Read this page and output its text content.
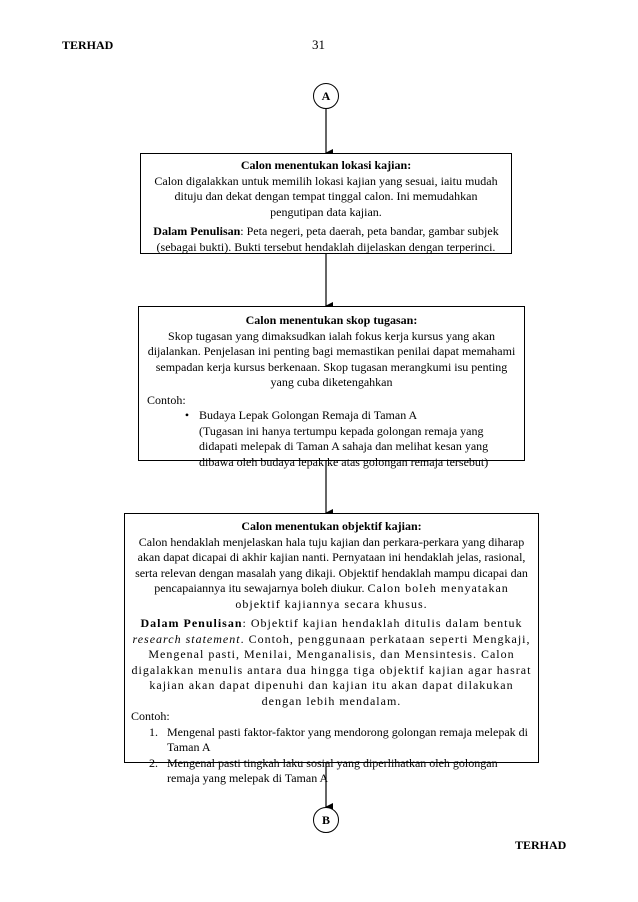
TERHAD	31
A
Calon menentukan lokasi kajian:
Calon digalakkan untuk memilih lokasi kajian yang sesuai, iaitu mudah dituju dan dekat dengan tempat tinggal calon. Ini memudahkan pengutipan data kajian.
Dalam Penulisan: Peta negeri, peta daerah, peta bandar, gambar subjek (sebagai bukti). Bukti tersebut hendaklah dijelaskan dengan terperinci.
Calon menentukan skop tugasan:
Skop tugasan yang dimaksudkan ialah fokus kerja kursus yang akan dijalankan. Penjelasan ini penting bagi memastikan penilai dapat memahami sempadan kerja kursus berkenaan. Skop tugasan merangkumi isu penting yang cuba diketengahkan
Contoh:
• Budaya Lepak Golongan Remaja di Taman A
(Tugasan ini hanya tertumpu kepada golongan remaja yang didapati melepak di Taman A sahaja dan melihat kesan yang dibawa oleh budaya lepak ke atas golongan remaja tersebut)
Calon menentukan objektif kajian:
Calon hendaklah menjelaskan hala tuju kajian dan perkara-perkara yang diharap akan dapat dicapai di akhir kajian nanti. Pernyataan ini hendaklah jelas, rasional, serta relevan dengan masalah yang dikaji. Objektif hendaklah mampu dicapai dan pencapaiannya itu sewajarnya boleh diukur. Calon boleh menyatakan objektif kajiannya secara khusus.
Dalam Penulisan: Objektif kajian hendaklah ditulis dalam bentuk research statement. Contoh, penggunaan perkataan seperti Mengkaji, Mengenal pasti, Menilai, Menganalisis, dan Mensintesis. Calon digalakkan menulis antara dua hingga tiga objektif kajian agar hasrat kajian akan dapat dipenuhi dan kajian itu akan dapat dilakukan dengan lebih mendalam.
Contoh:
1. Mengenal pasti faktor-faktor yang mendorong golongan remaja melepak di Taman A
2. Mengenal pasti tingkah laku sosial yang diperlihatkan oleh golongan remaja yang melepak di Taman A
B
TERHAD
